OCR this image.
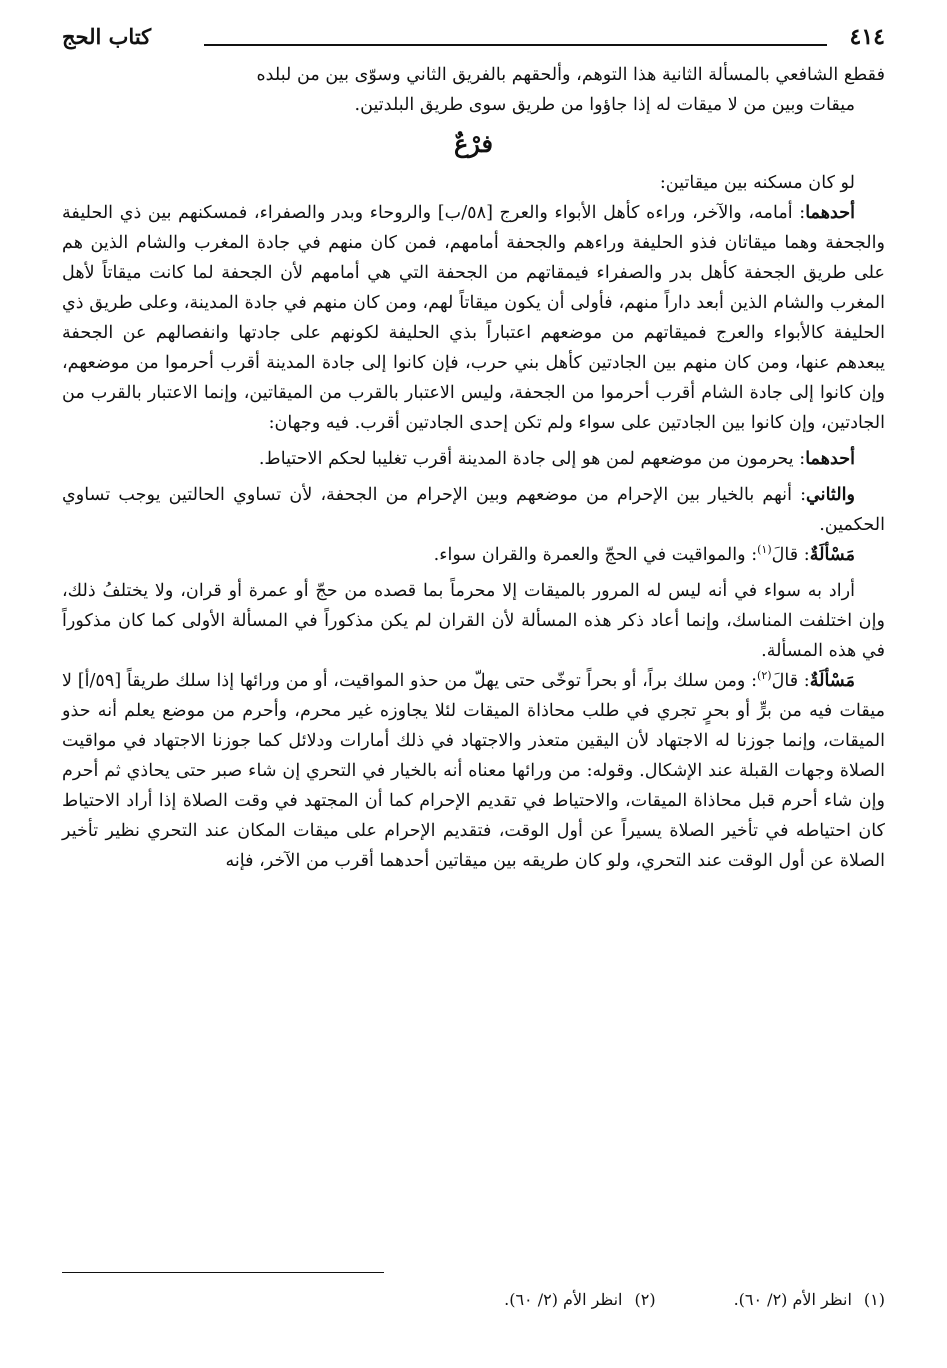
٤١٤
كتاب الحج

فقطع الشافعي بالمسألة الثانية هذا التوهم، وألحقهم بالفريق الثاني وسوّى بين من لبلده

ميقات وبين من لا ميقات له إذا جاؤوا من طريق سوى طريق البلدتين.

فرْعٌ

لو كان مسكنه بين ميقاتين:

أحدهما: أمامه، والآخر، وراءه كأهل الأبواء والعرج [٥٨/ب] والروحاء وبدر والصفراء، فمسكنهم بين ذي الحليفة والجحفة وهما ميقاتان فذو الحليفة وراءهم والجحفة أمامهم، فمن كان منهم في جادة المغرب والشام الذين هم على طريق الجحفة كأهل بدر والصفراء فيمقاتهم من الجحفة التي هي أمامهم لأن الجحفة لما كانت ميقاتاً لأهل المغرب والشام الذين أبعد داراً منهم، فأولى أن يكون ميقاتاً لهم، ومن كان منهم في جادة المدينة، وعلى طريق ذي الحليفة كالأبواء والعرج فميقاتهم من موضعهم اعتباراً بذي الحليفة لكونهم على جادتها وانفصالهم عن الجحفة يبعدهم عنها، ومن كان منهم بين الجادتين كأهل بني حرب، فإن كانوا إلى جادة المدينة أقرب أحرموا من موضعهم، وإن كانوا إلى جادة الشام أقرب أحرموا من الجحفة، وليس الاعتبار بالقرب من الميقاتين، وإنما الاعتبار بالقرب من الجادتين، وإن كانوا بين الجادتين على سواء ولم تكن إحدى الجادتين أقرب. فيه وجهان:

أحدهما: يحرمون من موضعهم لمن هو إلى جادة المدينة أقرب تغليبا لحكم الاحتياط.

والثاني: أنهم بالخيار بين الإحرام من موضعهم وبين الإحرام من الجحفة، لأن تساوي الحالتين يوجب تساوي الحكمين.

مَسْألَةٌ: قالَ$^{(١)}$: والمواقيت في الحجّ والعمرة والقران سواء.

أراد به سواء في أنه ليس له المرور بالميقات إلا محرماً بما قصده من حجّ أو عمرة أو قران، ولا يختلفُ ذلك، وإن اختلفت المناسك، وإنما أعاد ذكر هذه المسألة لأن القران لم يكن مذكوراً في المسألة الأولى كما كان مذكوراً في هذه المسألة.

مَسْألَةٌ: قالَ$^{(٢)}$: ومن سلك براً، أو بحراً توخّى حتى يهلّ من حذو المواقيت، أو من ورائها إذا سلك طريقاً [٥٩/أ] لا ميقات فيه من برٍّ أو بحرٍ تجري في طلب محاذاة الميقات لئلا يجاوزه غير محرم، وأحرم من موضع يعلم أنه حذو الميقات، وإنما جوزنا له الاجتهاد لأن اليقين متعذر والاجتهاد في ذلك أمارات ودلائل كما جوزنا الاجتهاد في مواقيت الصلاة وجهات القبلة عند الإشكال. وقوله: من ورائها معناه أنه بالخيار في التحري إن شاء صبر حتى يحاذي ثم أحرم وإن شاء أحرم قبل محاذاة الميقات، والاحتياط في تقديم الإحرام كما أن المجتهد في وقت الصلاة إذا أراد الاحتياط كان احتياطه في تأخير الصلاة يسيراً عن أول الوقت، فتقديم الإحرام على ميقات المكان عند التحري نظير تأخير الصلاة عن أول الوقت عند التحري، ولو كان طريقه بين ميقاتين أحدهما أقرب من الآخر، فإنه

(١)انظر الأم (٢/ ٦٠).(٢)انظر الأم (٢/ ٦٠).
